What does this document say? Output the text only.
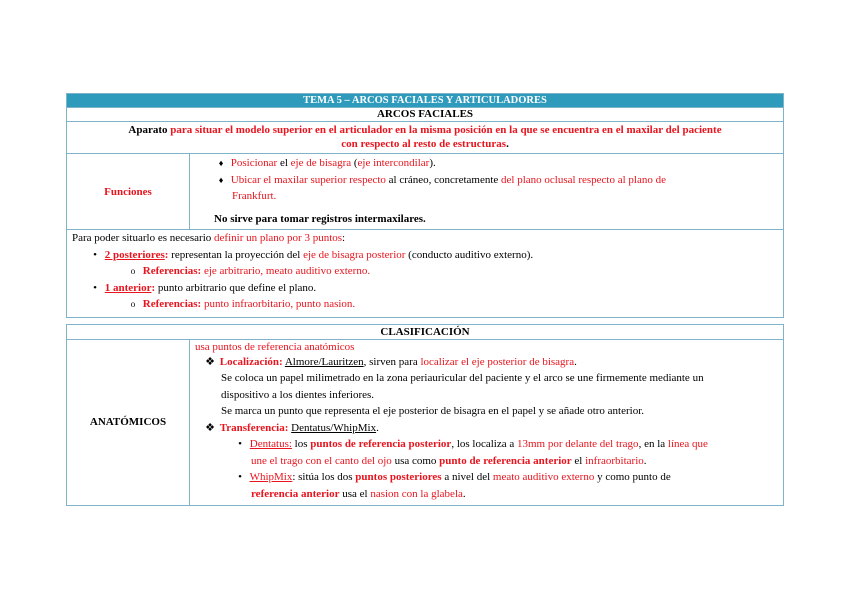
TEMA 5 – ARCOS FACIALES Y ARTICULADORES
ARCOS FACIALES
Aparato para situar el modelo superior en el articulador en la misma posición en la que se encuentra en el maxilar del paciente
con respecto al resto de estructuras.
Funciones
♦ Posicionar el eje de bisagra (eje intercondilar).
♦ Ubicar el maxilar superior respecto al cráneo, concretamente del plano oclusal respecto al plano de
Frankfurt.
No sirve para tomar registros intermaxilares.
Para poder situarlo es necesario definir un plano por 3 puntos:
• 2 posteriores: representan la proyección del eje de bisagra posterior (conducto auditivo externo).
o Referencias: eje arbitrario, meato auditivo externo.
• 1 anterior: punto arbitrario que define el plano.
o Referencias: punto infraorbitario, punto nasion.
CLASIFICACIÓN
ANATÓMICOS
usa puntos de referencia anatómicos
❖ Localización: Almore/Lauritzen, sirven para localizar el eje posterior de bisagra.
Se coloca un papel milimetrado en la zona periauricular del paciente y el arco se une firmemente mediante un
dispositivo a los dientes inferiores.
Se marca un punto que representa el eje posterior de bisagra en el papel y se añade otro anterior.
❖ Transferencia: Dentatus/WhipMix.
• Dentatus: los puntos de referencia posterior, los localiza a 13mm por delante del trago, en la línea que
une el trago con el canto del ojo usa como punto de referencia anterior el infraorbitario.
• WhipMix: sitúa los dos puntos posteriores a nivel del meato auditivo externo y como punto de
referencia anterior usa el nasion con la glabela.
